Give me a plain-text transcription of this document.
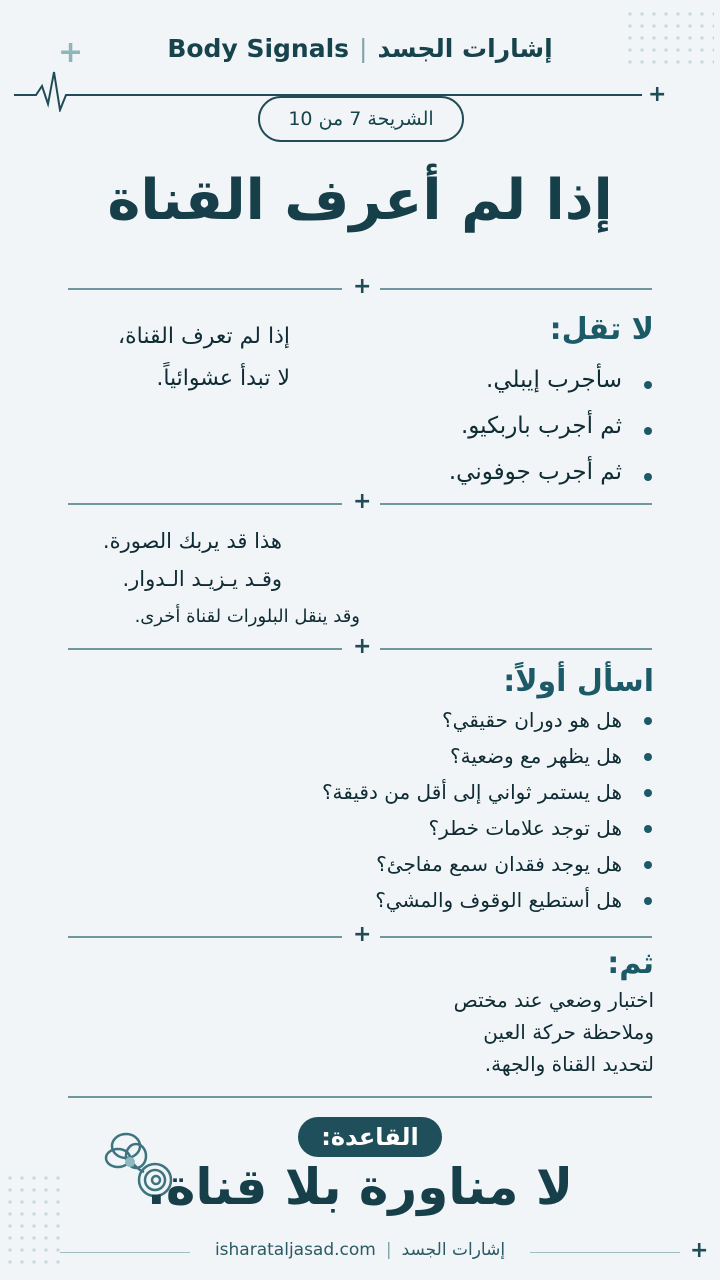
Body Signals | إشارات الجسد
+
+
الشريحة 7 من 10
إذا لم أعرف القناة
+
لا تقل:
سأجرب إيبلي.
ثم أجرب باربكيو.
ثم أجرب جوفوني.
إذا لم تعرف القناة،
لا تبدأ عشوائياً.
+
هذا قد يربك الصورة.
وقـد يـزيـد الـدوار.
وقد ينقل البلورات لقناة أخرى.
+
اسأل أولاً:
هل هو دوران حقيقي؟
هل يظهر مع وضعية؟
هل يستمر ثواني إلى أقل من دقيقة؟
هل توجد علامات خطر؟
هل يوجد فقدان سمع مفاجئ؟
هل أستطيع الوقوف والمشي؟
+
ثم:
اختبار وضعي عند مختص
وملاحظة حركة العين
لتحديد القناة والجهة.
القاعدة:
لا مناورة بلا قناة.
+
isharataljasad.com | إشارات الجسد
